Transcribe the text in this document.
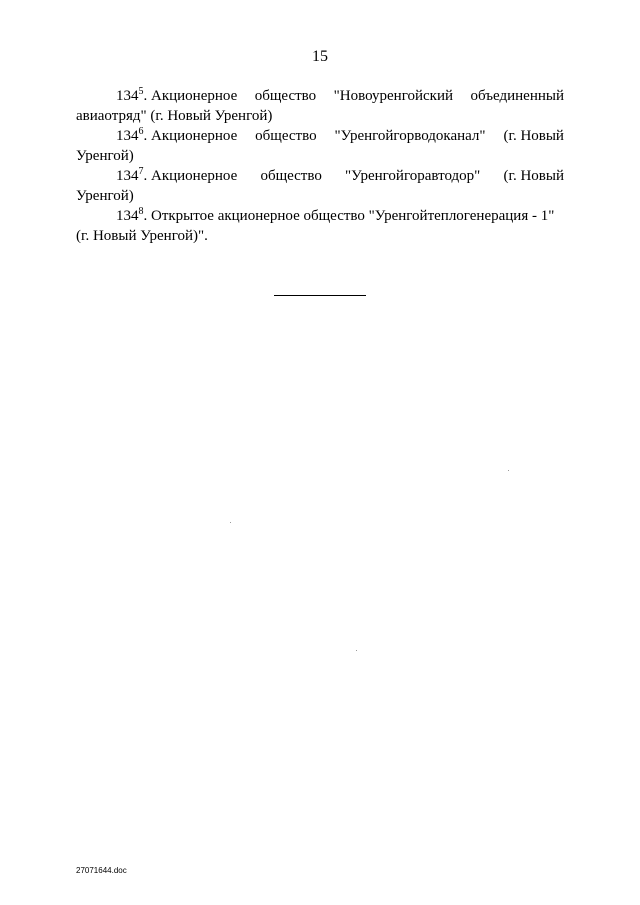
15
$134^5$. Акционерное общество "Новоуренгойский объединенный
авиаотряд" (г. Новый Уренгой)
$134^6$. Акционерное общество "Уренгойгорводоканал" (г. Новый
Уренгой)
$134^7$. Акционерное общество "Уренгойгоравтодор" (г. Новый
Уренгой)
$134^8$. Открытое акционерное общество "Уренгойтеплогенерация - 1"
(г. Новый Уренгой)".
27071644.doc
